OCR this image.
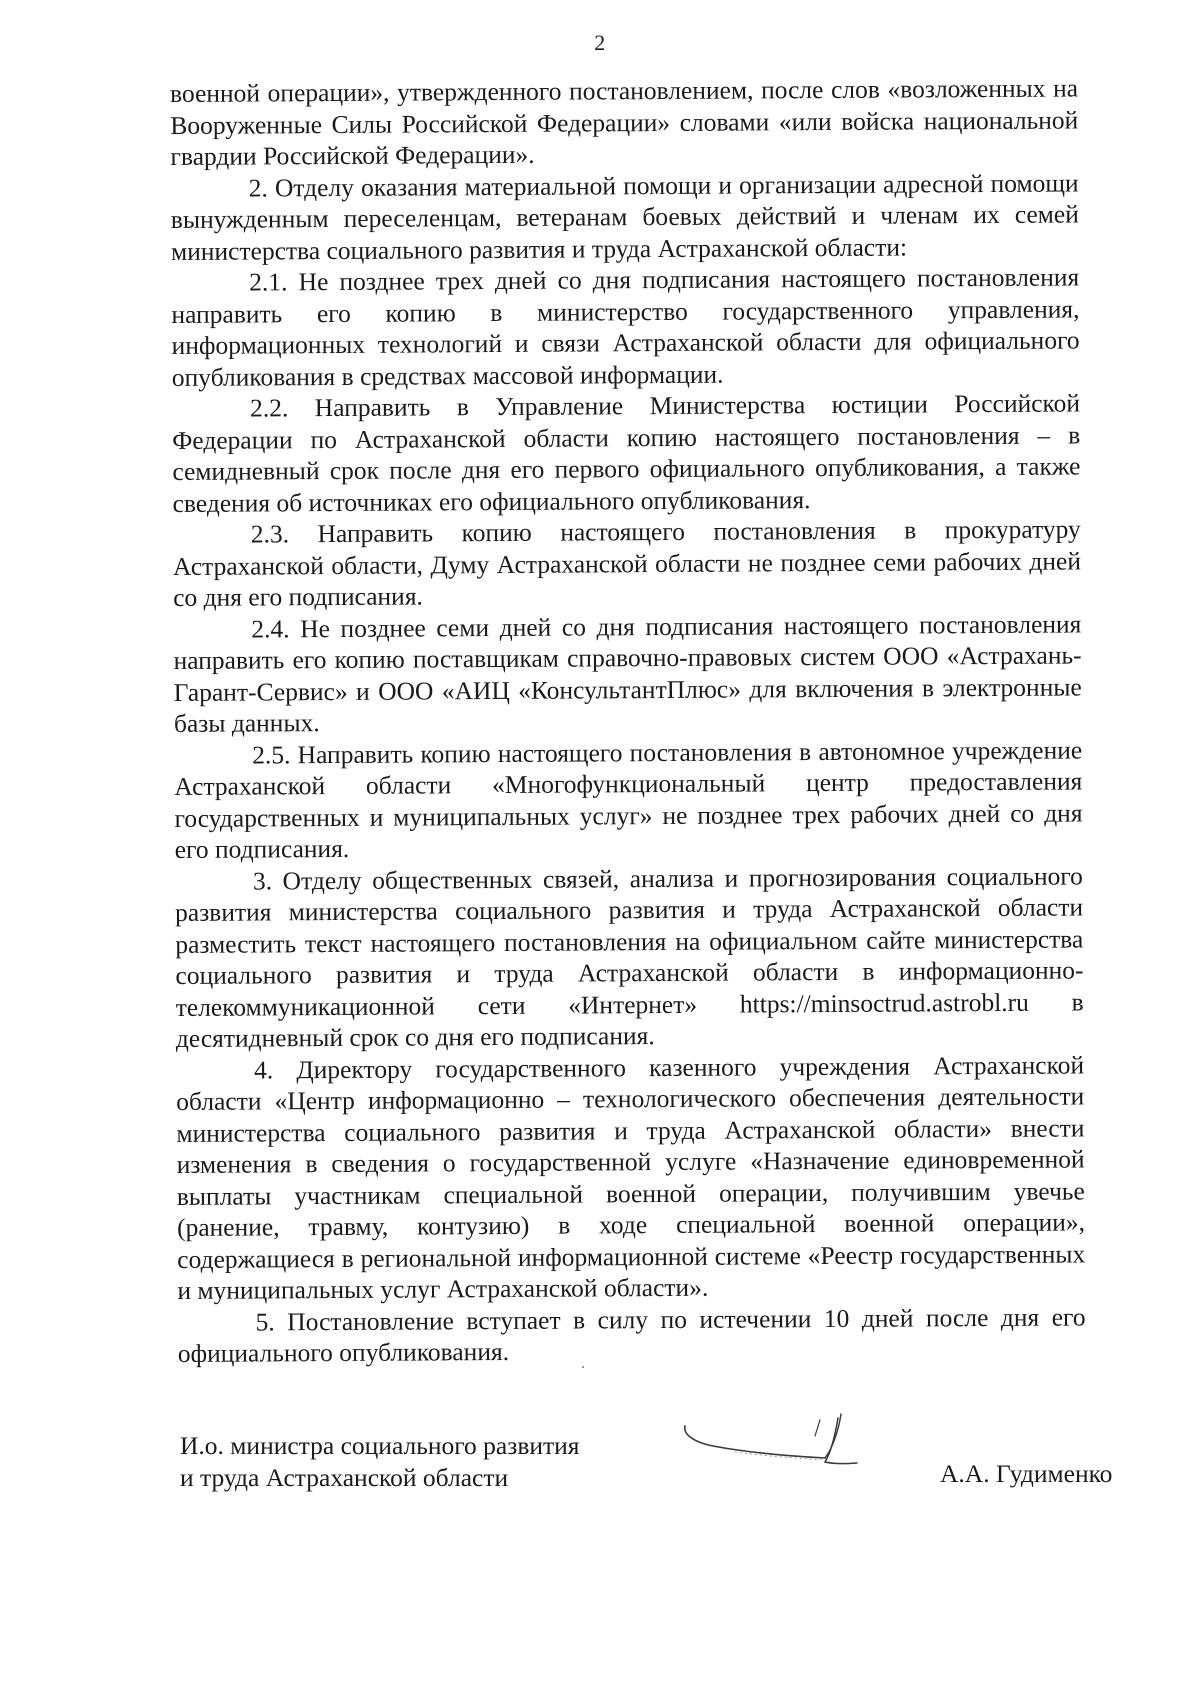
2

военной операции», утвержденного постановлением, после слов «возложенных на Вооруженные Силы Российской Федерации» словами «или войска национальной гвардии Российской Федерации».

2. Отделу оказания материальной помощи и организации адресной помощи вынужденным переселенцам, ветеранам боевых действий и членам их семей министерства социального развития и труда Астраханской области:

2.1. Не позднее трех дней со дня подписания настоящего постановления направить его копию в министерство государственного управления, информационных технологий и связи Астраханской области для официального опубликования в средствах массовой информации.

2.2. Направить в Управление Министерства юстиции Российской Федерации по Астраханской области копию настоящего постановления – в семидневный срок после дня его первого официального опубликования, а также сведения об источниках его официального опубликования.

2.3. Направить копию настоящего постановления в прокуратуру Астраханской области, Думу Астраханской области не позднее семи рабочих дней со дня его подписания.

2.4. Не позднее семи дней со дня подписания настоящего постановления направить его копию поставщикам справочно-правовых систем ООО «Астрахань-Гарант-Сервис» и ООО «АИЦ «КонсультантПлюс» для включения в электронные базы данных.

2.5. Направить копию настоящего постановления в автономное учреждение Астраханской области «Многофункциональный центр предоставления государственных и муниципальных услуг» не позднее трех рабочих дней со дня его подписания.

3. Отделу общественных связей, анализа и прогнозирования социального развития министерства социального развития и труда Астраханской области разместить текст настоящего постановления на официальном сайте министерства социального развития и труда Астраханской области в информационно-телекоммуникационной сети «Интернет» https://minsoctrud.astrobl.ru в десятидневный срок со дня его подписания.

4. Директору государственного казенного учреждения Астраханской области «Центр информационно – технологического обеспечения деятельности министерства социального развития и труда Астраханской области» внести изменения в сведения о государственной услуге «Назначение единовременной выплаты участникам специальной военной операции, получившим увечье (ранение, травму, контузию) в ходе специальной военной операции», содержащиеся в региональной информационной системе «Реестр государственных и муниципальных услуг Астраханской области».

5. Постановление вступает в силу по истечении 10 дней после дня его официального опубликования.

И.о. министра социального развития
и труда Астраханской области	А.А. Гудименко
